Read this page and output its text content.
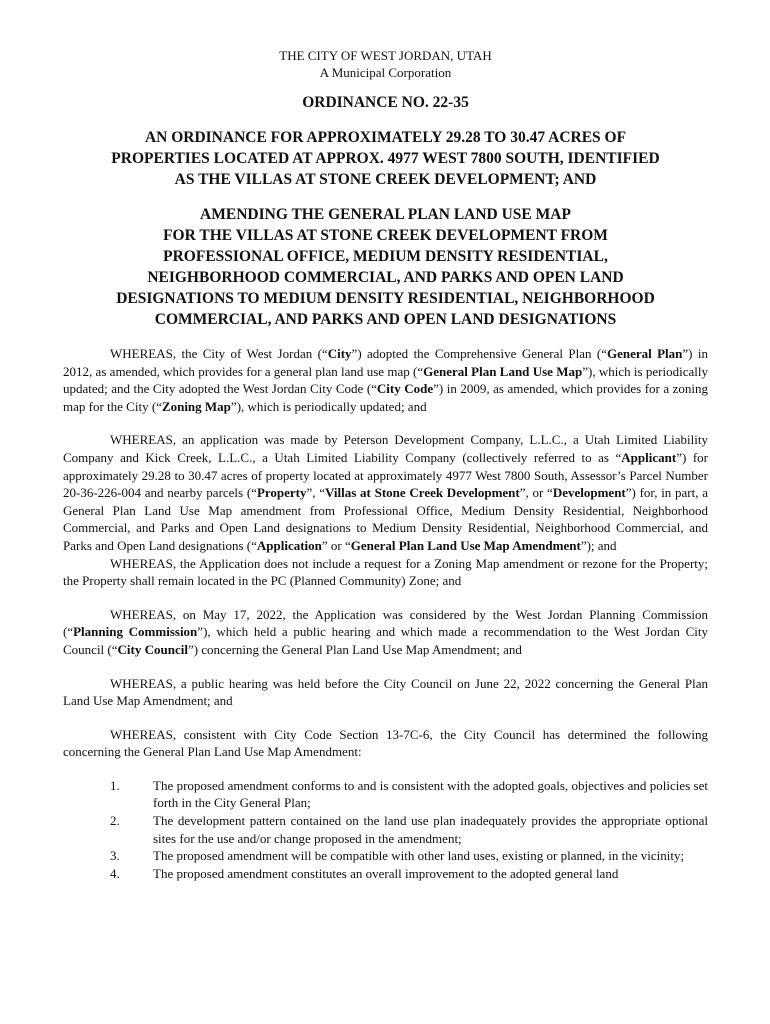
THE CITY OF WEST JORDAN, UTAH
A Municipal Corporation
ORDINANCE NO. 22-35
AN ORDINANCE FOR APPROXIMATELY 29.28 TO 30.47 ACRES OF
PROPERTIES LOCATED AT APPROX. 4977 WEST 7800 SOUTH, IDENTIFIED
AS THE VILLAS AT STONE CREEK DEVELOPMENT; AND
AMENDING THE GENERAL PLAN LAND USE MAP
FOR THE VILLAS AT STONE CREEK DEVELOPMENT FROM
PROFESSIONAL OFFICE, MEDIUM DENSITY RESIDENTIAL,
NEIGHBORHOOD COMMERCIAL, AND PARKS AND OPEN LAND
DESIGNATIONS TO MEDIUM DENSITY RESIDENTIAL, NEIGHBORHOOD
COMMERCIAL, AND PARKS AND OPEN LAND DESIGNATIONS

WHEREAS, the City of West Jordan (“City”) adopted the Comprehensive General Plan (“General Plan”) in 2012, as amended, which provides for a general plan land use map (“General Plan Land Use Map”), which is periodically updated; and the City adopted the West Jordan City Code (“City Code”) in 2009, as amended, which provides for a zoning map for the City (“Zoning Map”), which is periodically updated; and

WHEREAS, an application was made by Peterson Development Company, L.L.C., a Utah Limited Liability Company and Kick Creek, L.L.C., a Utah Limited Liability Company (collectively referred to as “Applicant”) for approximately 29.28 to 30.47 acres of property located at approximately 4977 West 7800 South, Assessor’s Parcel Number 20-36-226-004 and nearby parcels (“Property”, “Villas at Stone Creek Development”, or “Development”) for, in part, a General Plan Land Use Map amendment from Professional Office, Medium Density Residential, Neighborhood Commercial, and Parks and Open Land designations to Medium Density Residential, Neighborhood Commercial, and Parks and Open Land designations (“Application” or “General Plan Land Use Map Amendment”); and

WHEREAS, the Application does not include a request for a Zoning Map amendment or rezone for the Property; the Property shall remain located in the PC (Planned Community) Zone; and

WHEREAS, on May 17, 2022, the Application was considered by the West Jordan Planning Commission (“Planning Commission”), which held a public hearing and which made a recommendation to the West Jordan City Council (“City Council”) concerning the General Plan Land Use Map Amendment; and

WHEREAS, a public hearing was held before the City Council on June 22, 2022 concerning the General Plan Land Use Map Amendment; and

WHEREAS, consistent with City Code Section 13-7C-6, the City Council has determined the following concerning the General Plan Land Use Map Amendment:

1.	The proposed amendment conforms to and is consistent with the adopted goals, objectives and policies set forth in the City General Plan;
2.	The development pattern contained on the land use plan inadequately provides the appropriate optional sites for the use and/or change proposed in the amendment;
3.	The proposed amendment will be compatible with other land uses, existing or planned, in the vicinity;
4.	The proposed amendment constitutes an overall improvement to the adopted general land
